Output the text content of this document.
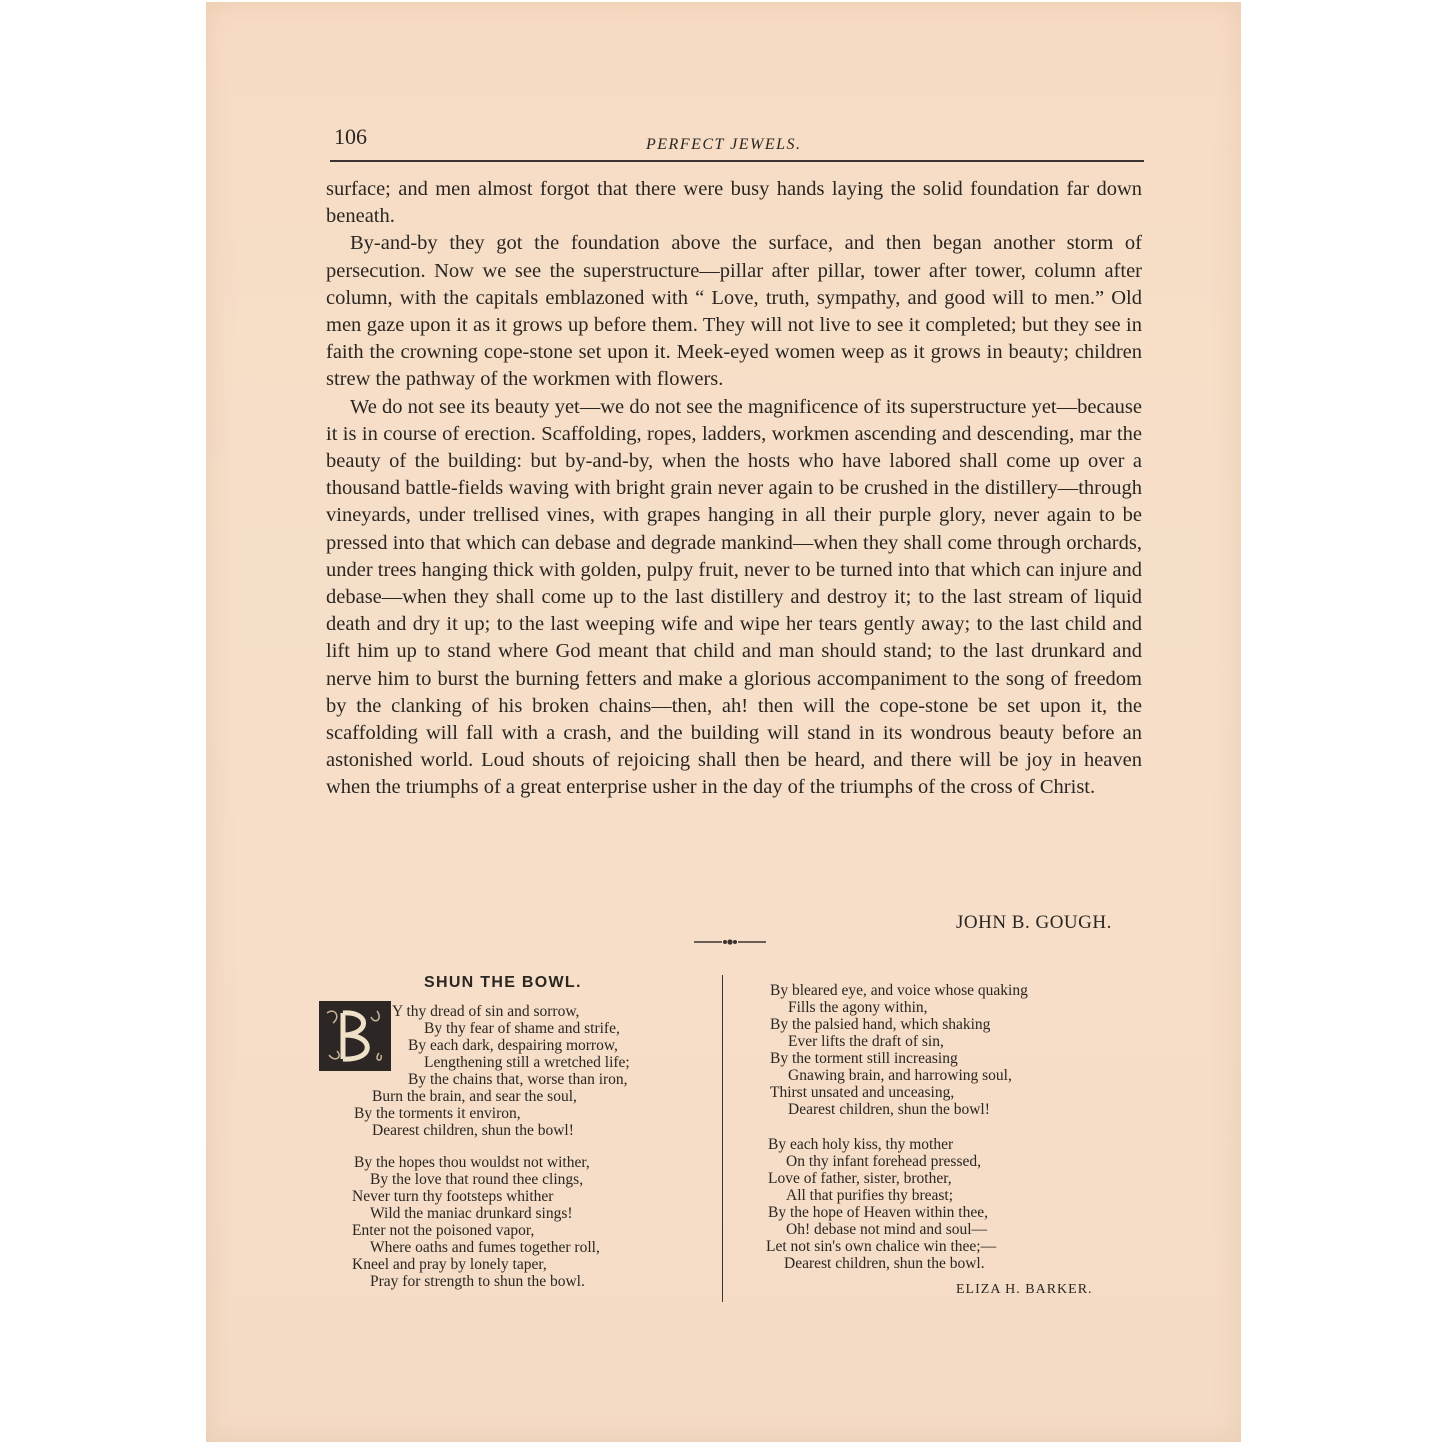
106	PERFECT JEWELS.

surface; and men almost forgot that there were busy hands laying the solid foundation far down beneath.

By-and-by they got the foundation above the surface, and then began another storm of persecution. Now we see the superstructure—pillar after pillar, tower after tower, column after column, with the capitals emblazoned with “ Love, truth, sympathy, and good will to men.” Old men gaze upon it as it grows up before them. They will not live to see it completed; but they see in faith the crowning cope-stone set upon it. Meek-eyed women weep as it grows in beauty; children strew the pathway of the workmen with flowers.

We do not see its beauty yet—we do not see the magnificence of its superstructure yet—because it is in course of erection. Scaffolding, ropes, ladders, workmen ascending and descending, mar the beauty of the building: but by-and-by, when the hosts who have labored shall come up over a thousand battle-fields waving with bright grain never again to be crushed in the distillery—through vineyards, under trellised vines, with grapes hanging in all their purple glory, never again to be pressed into that which can debase and degrade mankind—when they shall come through orchards, under trees hanging thick with golden, pulpy fruit, never to be turned into that which can injure and debase—when they shall come up to the last distillery and destroy it; to the last stream of liquid death and dry it up; to the last weeping wife and wipe her tears gently away; to the last child and lift him up to stand where God meant that child and man should stand; to the last drunkard and nerve him to burst the burning fetters and make a glorious accompaniment to the song of freedom by the clanking of his broken chains—then, ah! then will the cope-stone be set upon it, the scaffolding will fall with a crash, and the building will stand in its wondrous beauty before an astonished world. Loud shouts of rejoicing shall then be heard, and there will be joy in heaven when the triumphs of a great enterprise usher in the day of the triumphs of the cross of Christ.

JOHN B. GOUGH.
SHUN THE BOWL.
B
Y thy dread of sin and sorrow,
By thy fear of shame and strife,
By each dark, despairing morrow,
Lengthening still a wretched life;
By the chains that, worse than iron,
Burn the brain, and sear the soul,
By the torments it environ,
Dearest children, shun the bowl!
By the hopes thou wouldst not wither,
By the love that round thee clings,
Never turn thy footsteps whither
Wild the maniac drunkard sings!
Enter not the poisoned vapor,
Where oaths and fumes together roll,
Kneel and pray by lonely taper,
Pray for strength to shun the bowl.
By bleared eye, and voice whose quaking
Fills the agony within,
By the palsied hand, which shaking
Ever lifts the draft of sin,
By the torment still increasing
Gnawing brain, and harrowing soul,
Thirst unsated and unceasing,
Dearest children, shun the bowl!
By each holy kiss, thy mother
On thy infant forehead pressed,
Love of father, sister, brother,
All that purifies thy breast;
By the hope of Heaven within thee,
Oh! debase not mind and soul—
Let not sin's own chalice win thee;—
Dearest children, shun the bowl.
ELIZA H. BARKER.
